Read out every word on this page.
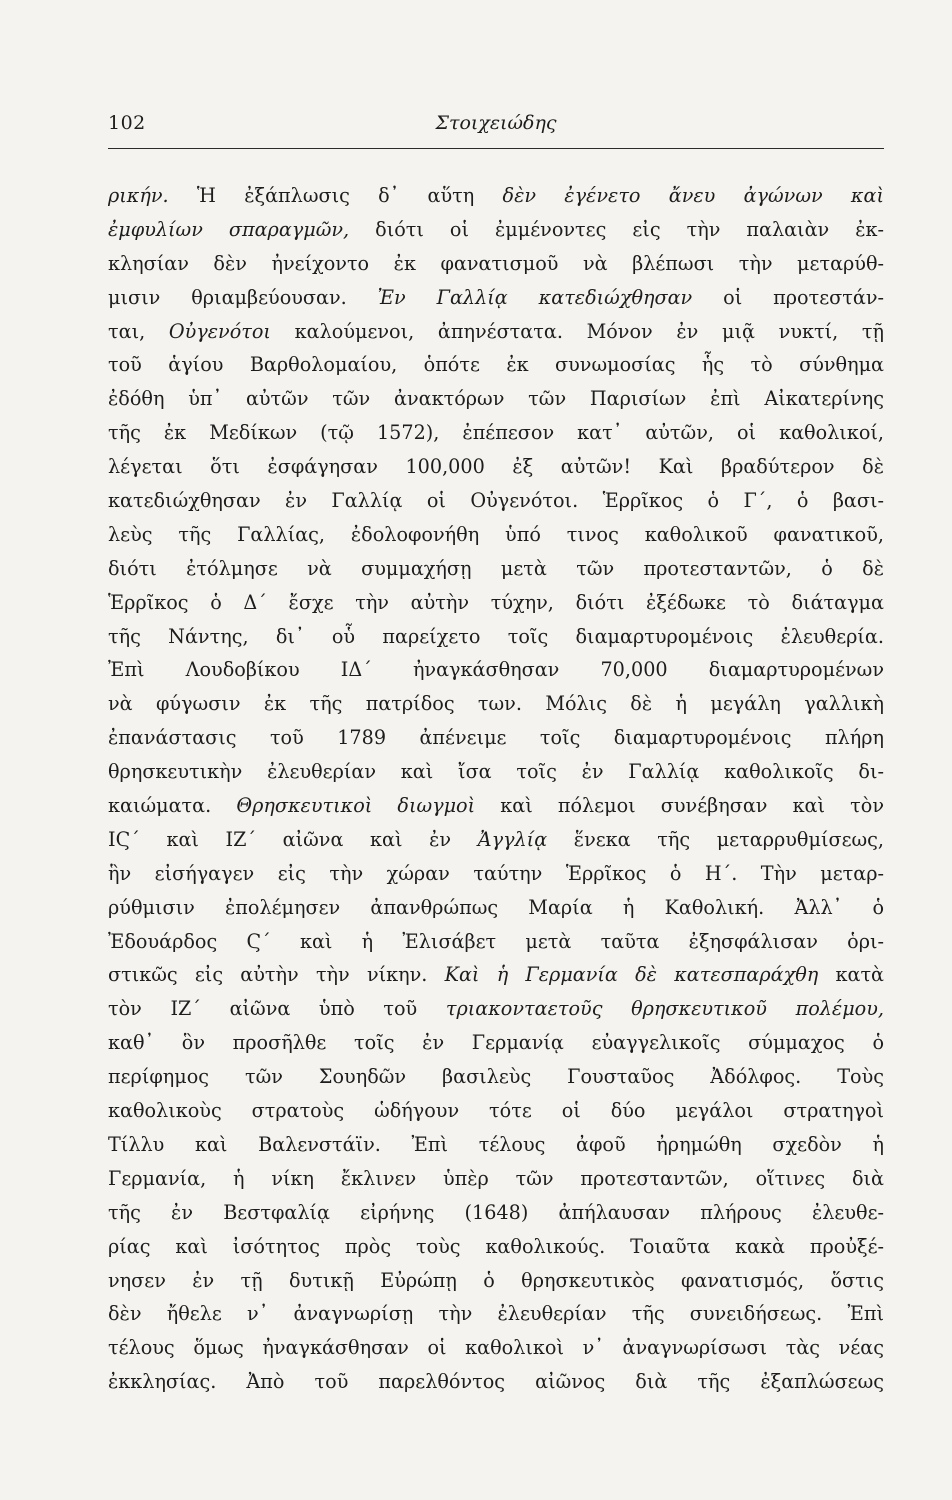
102	Στοιχειώδης
ρικήν. Ἡ ἐξάπλωσις δ᾿ αὕτη δὲν ἐγένετο ἄνευ ἀγώνων καὶ
ἐμφυλίων σπαραγμῶν, διότι οἱ ἐμμένοντες εἰς τὴν παλαιὰν ἐκ-
κλησίαν δὲν ἠνείχοντο ἐκ φανατισμοῦ νὰ βλέπωσι τὴν μεταρύθ-
μισιν θριαμβεύουσαν. Ἐν Γαλλίᾳ κατεδιώχθησαν οἱ προτεστάν-
ται, Οὐγενότοι καλούμενοι, ἀπηνέστατα. Μόνον ἐν μιᾷ νυκτί, τῇ
τοῦ ἁγίου Βαρθολομαίου, ὁπότε ἐκ συνωμοσίας ἧς τὸ σύνθημα
ἐδόθη ὑπ᾿ αὐτῶν τῶν ἀνακτόρων τῶν Παρισίων ἐπὶ Αἰκατερίνης
τῆς ἐκ Μεδίκων (τῷ 1572), ἐπέπεσον κατ᾿ αὐτῶν, οἱ καθολικοί,
λέγεται ὅτι ἐσφάγησαν 100,000 ἐξ αὐτῶν! Καὶ βραδύτερον δὲ
κατεδιώχθησαν ἐν Γαλλίᾳ οἱ Οὐγενότοι. Ἑρρῖκος ὁ Γ´, ὁ βασι-
λεὺς τῆς Γαλλίας, ἐδολοφονήθη ὑπό τινος καθολικοῦ φανατικοῦ,
διότι ἐτόλμησε νὰ συμμαχήσῃ μετὰ τῶν προτεσταντῶν, ὁ δὲ
Ἑρρῖκος ὁ Δ´ ἔσχε τὴν αὐτὴν τύχην, διότι ἐξέδωκε τὸ διάταγμα
τῆς Νάντης, δι᾿ οὗ παρείχετο τοῖς διαμαρτυρομένοις ἐλευθερία.
Ἐπὶ Λουδοβίκου ΙΔ´ ἠναγκάσθησαν 70,000 διαμαρτυρομένων
νὰ φύγωσιν ἐκ τῆς πατρίδος των. Μόλις δὲ ἡ μεγάλη γαλλικὴ
ἐπανάστασις τοῦ 1789 ἀπένειμε τοῖς διαμαρτυρομένοις πλήρη
θρησκευτικὴν ἐλευθερίαν καὶ ἴσα τοῖς ἐν Γαλλίᾳ καθολικοῖς δι-
καιώματα. Θρησκευτικοὶ διωγμοὶ καὶ πόλεμοι συνέβησαν καὶ τὸν
ΙϚ´ καὶ ΙΖ´ αἰῶνα καὶ ἐν Ἀγγλίᾳ ἕνεκα τῆς μεταρρυθμίσεως,
ἣν εἰσήγαγεν εἰς τὴν χώραν ταύτην Ἑρρῖκος ὁ Η´. Τὴν μεταρ-
ρύθμισιν ἐπολέμησεν ἀπανθρώπως Μαρία ἡ Καθολική. Ἀλλ᾿ ὁ
Ἐδουάρδος Ϛ´ καὶ ἡ Ἐλισάβετ μετὰ ταῦτα ἐξησφάλισαν ὁρι-
στικῶς εἰς αὐτὴν τὴν νίκην. Καὶ ἡ Γερμανία δὲ κατεσπαράχθη κατὰ
τὸν ΙΖ´ αἰῶνα ὑπὸ τοῦ τριακονταετοῦς θρησκευτικοῦ πολέμου,
καθ᾿ ὃν προσῆλθε τοῖς ἐν Γερμανίᾳ εὐαγγελικοῖς σύμμαχος ὁ
περίφημος τῶν Σουηδῶν βασιλεὺς Γουσταῦος Ἀδόλφος. Τοὺς
καθολικοὺς στρατοὺς ὡδήγουν τότε οἱ δύο μεγάλοι στρατηγοὶ
Τίλλυ καὶ Βαλενστάϊν. Ἐπὶ τέλους ἀφοῦ ἠρημώθη σχεδὸν ἡ
Γερμανία, ἡ νίκη ἔκλινεν ὑπὲρ τῶν προτεσταντῶν, οἵτινες διὰ
τῆς ἐν Βεστφαλίᾳ εἰρήνης (1648) ἀπήλαυσαν πλήρους ἐλευθε-
ρίας καὶ ἰσότητος πρὸς τοὺς καθολικούς. Τοιαῦτα κακὰ προὐξέ-
νησεν ἐν τῇ δυτικῇ Εὐρώπῃ ὁ θρησκευτικὸς φανατισμός, ὅστις
δὲν ἤθελε ν᾿ ἀναγνωρίσῃ τὴν ἐλευθερίαν τῆς συνειδήσεως. Ἐπὶ
τέλους ὅμως ἠναγκάσθησαν οἱ καθολικοὶ ν᾿ ἀναγνωρίσωσι τὰς νέας
ἐκκλησίας. Ἀπὸ τοῦ παρελθόντος αἰῶνος διὰ τῆς ἐξαπλώσεως
